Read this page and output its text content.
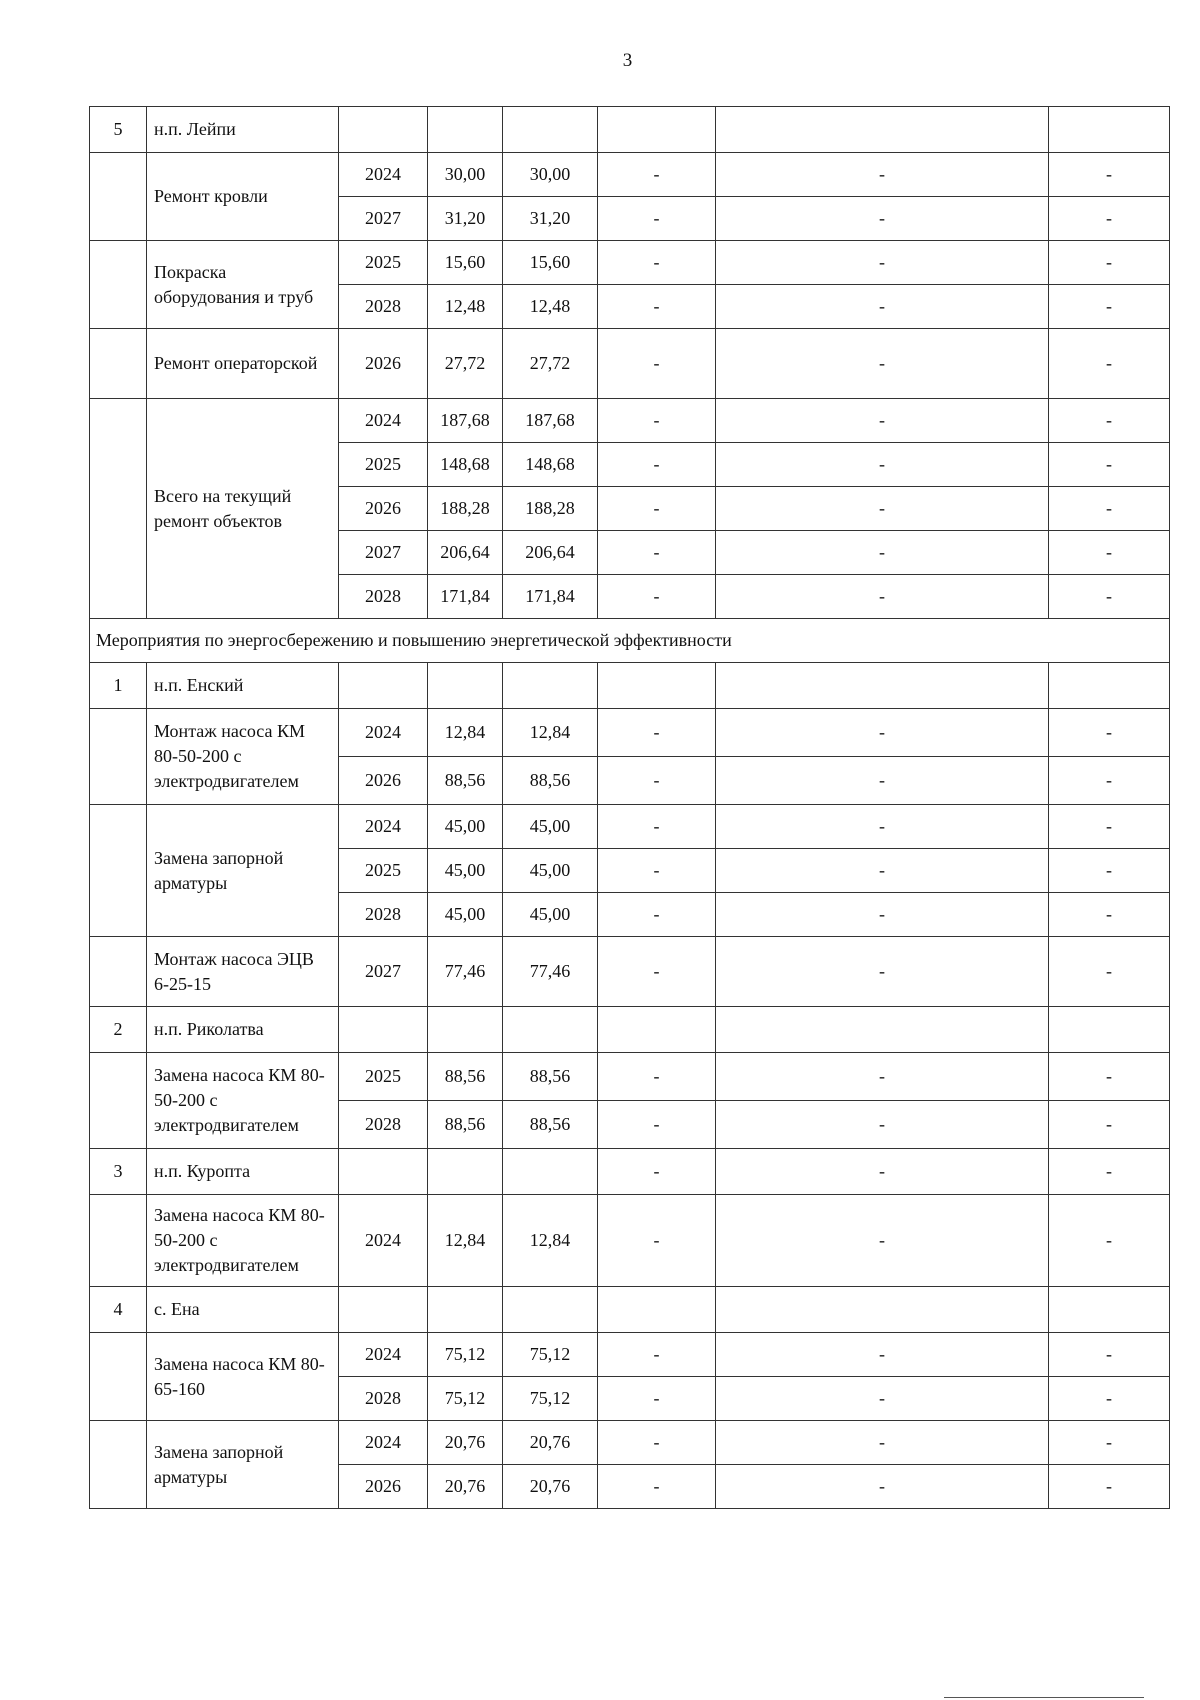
3
5	н.п. Лейпи						
	Ремонт кровли	2024	30,00	30,00	-	-	-
		2027	31,20	31,20	-	-	-
	Покраска оборудования и труб	2025	15,60	15,60	-	-	-
		2028	12,48	12,48	-	-	-
	Ремонт операторской	2026	27,72	27,72	-	-	-
	Всего на текущий ремонт объектов	2024	187,68	187,68	-	-	-
		2025	148,68	148,68	-	-	-
		2026	188,28	188,28	-	-	-
		2027	206,64	206,64	-	-	-
		2028	171,84	171,84	-	-	-
Мероприятия по энергосбережению и повышению энергетической эффективности							
1	н.п. Енский						
	Монтаж насоса КМ 80-50-200 с электродвигателем	2024	12,84	12,84	-	-	-
		2026	88,56	88,56	-	-	-
	Замена запорной арматуры	2024	45,00	45,00	-	-	-
		2025	45,00	45,00	-	-	-
		2028	45,00	45,00	-	-	-
	Монтаж насоса ЭЦВ 6-25-15	2027	77,46	77,46	-	-	-
2	н.п. Риколатва						
	Замена насоса КМ 80-50-200 с электродвигателем	2025	88,56	88,56	-	-	-
		2028	88,56	88,56	-	-	-
3	н.п. Куропта				-	-	-
	Замена насоса КМ 80-50-200 с электродвигателем	2024	12,84	12,84	-	-	-
4	с. Ена						
	Замена насоса КМ 80-65-160	2024	75,12	75,12	-	-	-
		2028	75,12	75,12	-	-	-
	Замена запорной арматуры	2024	20,76	20,76	-	-	-
		2026	20,76	20,76	-	-	-
